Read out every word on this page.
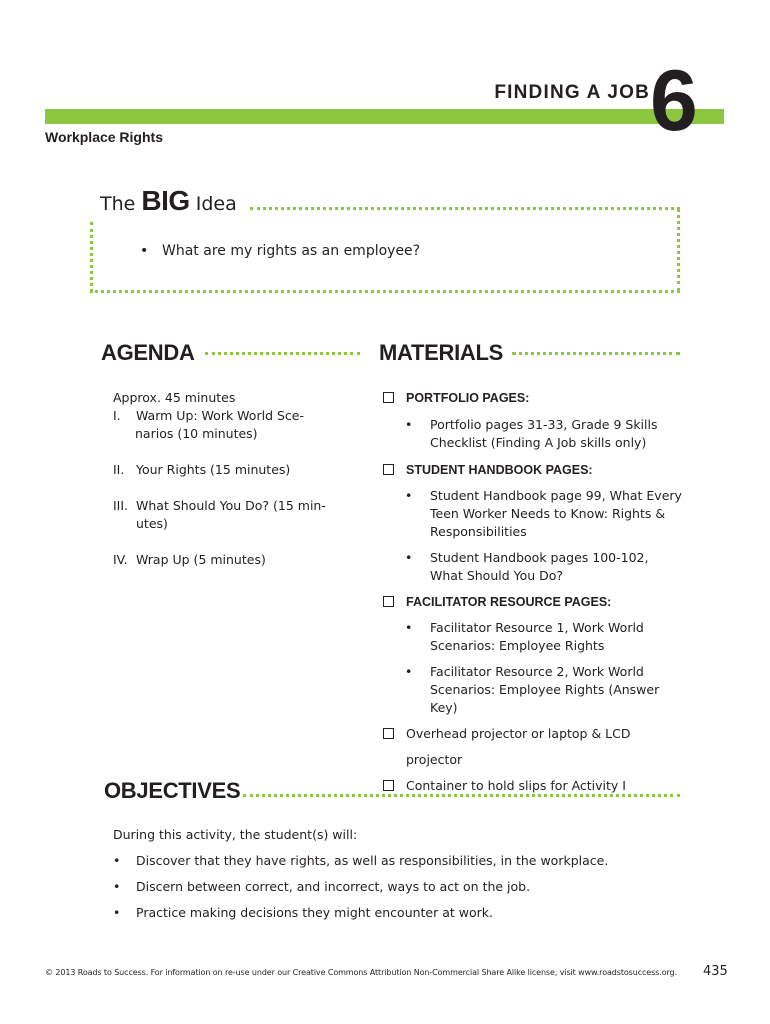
FINDING A JOB 6
Workplace Rights
The BIG Idea
• What are my rights as an employee?
AGENDA
Approx. 45 minutes
I.	Warm Up: Work World Sce-
narios (10 minutes)
II. Your Rights (15 minutes)
III. What Should You Do? (15 min-
utes)
IV. Wrap Up (5 minutes)
MATERIALS
PORTFOLIO PAGES:
•	Portfolio pages 31-33, Grade 9 Skills
Checklist (Finding A Job skills only)
STUDENT HANDBOOK PAGES:
•	Student Handbook page 99, What Every
Teen Worker Needs to Know: Rights &
Responsibilities
•	Student Handbook pages 100-102,
What Should You Do?
FACILITATOR RESOURCE PAGES:
•	Facilitator Resource 1, Work World
Scenarios: Employee Rights
•	Facilitator Resource 2, Work World
Scenarios: Employee Rights (Answer Key)
Overhead projector or laptop & LCD
projector
Container to hold slips for Activity I
OBJECTIVES
During this activity, the student(s) will:
•	Discover that they have rights, as well as responsibilities, in the workplace.
•	Discern between correct, and incorrect, ways to act on the job.
•	Practice making decisions they might encounter at work.
© 2013 Roads to Success. For information on re-use under our Creative Commons Attribution Non-Commercial Share Alike license, visit www.roadstosuccess.org. 435
